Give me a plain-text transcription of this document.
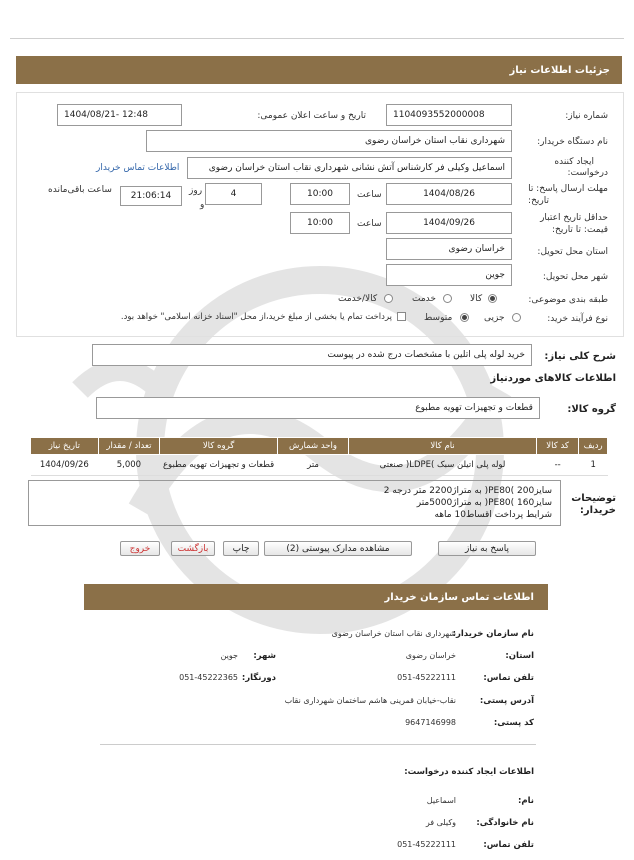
جزئیات اطلاعات نیاز
شماره نیاز:
1104093552000008
تاریخ و ساعت اعلان عمومی:
1404/08/21- 12:48
نام دستگاه خریدار:
شهرداری نقاب استان خراسان رضوی
ایجاد کننده
درخواست:
اسماعیل وکیلی فر کارشناس آتش نشانی شهرداری نقاب استان خراسان رضوی
اطلاعات تماس خریدار
مهلت ارسال پاسخ: تا
تاریخ:
1404/08/26
ساعت
10:00
4
روز
و
21:06:14
ساعت باقی‌مانده
حداقل تاریخ اعتبار
قیمت: تا تاریخ:
1404/09/26
ساعت
10:00
استان محل تحویل:
خراسان رضوی
شهر محل تحویل:
جوین
طبقه بندی موضوعی:
کالا
خدمت
کالا/خدمت
نوع فرآیند خرید:
جزیی
متوسط
پرداخت تمام یا بخشی از مبلغ خرید،از محل "اسناد خزانه اسلامی" خواهد بود.
شرح کلی نیاز:
خرید لوله پلی اتلین با مشخصات درج شده در پیوست
اطلاعات کالاهای موردنیاز
گروه کالا:
قطعات و تجهیزات تهویه مطبوع
ردیف	کد کالا	نام کالا	واحد شمارش	گروه کالا	تعداد / مقدار	تاریخ نیاز
1	--	لوله پلی اتیلن سبک )LDPE( صنعتی	متر	قطعات و تجهیزات تهویه مطبوع	5,000	1404/09/26
توضیحات
خریدار:
سایز200 )PE80( به متراژ2200 متر درجه 2
سایز160 )PE80( به متراژ5000متر
شرایط پرداخت اقساط10 ماهه
پاسخ به نیاز
مشاهده مدارک پیوستی (2)
چاپ
بازگشت
خروج
اطلاعات تماس سازمان خریدار
نام سازمان خریدار:
شهرداری نقاب استان خراسان رضوی
استان:
خراسان رضوی
شهر:
جوین
تلفن تماس:
051-45222111
دورنگار:
051-45222365
آدرس پستی:
نقاب-خیابان قمرینی هاشم ساختمان شهرداری نقاب
کد پستی:
9647146998
اطلاعات ایجاد کننده درخواست:
نام:
اسماعیل
نام خانوادگی:
وکیلی فر
تلفن تماس:
051-45222111
